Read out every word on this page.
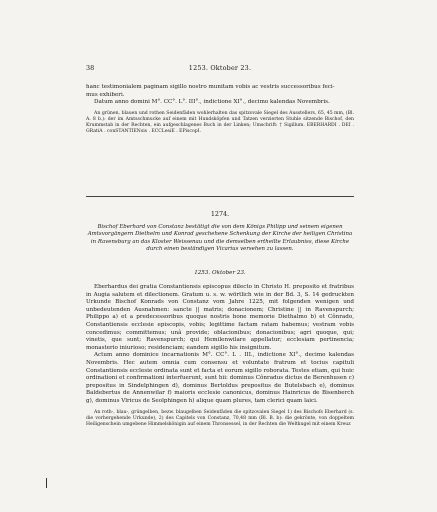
38	1253. Oktober 23.

hanc testimonialem paginam sigillo nostro munitam vobis ac vestris successoribus feci-

mus exhiberi.

Datum anno domini M°. CC°. L°. III°., indictione XI°., decimo kalendas Novembris.

An grünen, blauen und rothen Seidenfäden wohlerhalten das spitzovale Siegel des Ausstellers, 65, 45 mm, (Bl. A. 8 b.): der im Amtsschmucke auf einem mit Hundsköpfen und Tatzen verzierten Stuhle sitzende Bischof, den Krummstab in der Rechten, ein aufgeschlagenes Buch in der Linken; Umschrift: † Sigillum. EBERHARDI . DEI . GRatiA . conSTANTIENsis . ECCLesiE . EPiscopI.

1274.

Bischof Eberhard von Constanz bestätigt die von dem Königs Philipp und seinem eigenen Amtsvorgängern Diethelm und Konrad geschehene Schenkung der Kirche der heiligen Christina in Ravensburg an das Kloster Weissenau und die demselben ertheilte Erlaubniss, diese Kirche durch einen beständigen Vicarius versehen zu lassen.

1253. Oktober 23.

Eberhardus dei gratia Constantiensis episcopus dilecto in Christo H. preposito et fratribus in Augia salutem et dilectionem. Gratum u. s. w. wörtlich wie in der Bd. 3, S. 14 gedruckten Urkunde Bischof Konrads von Constanz vom Jahre 1225, mit folgenden wenigen und unbedeutenden Ausnahmen: sancte || matris; donacionem; Christine || in Ravenspurch; Philippo a) et a predecessoribus quoque nostris bone memorie Diethalmo b) et Cônrado, Constantiensis ecclesie episcopis, vobis; legittime factam ratam habemus; vestram vobis concedimus; committemus; unâ provide; oblacionibus; donacionibus; agri quoque, qui; vinetis, que sunt; Ravenspurch; qui Hemilenwilare appellatur; ecclesiam pertinencia; monasterio iniurioso; residenciam; eandem sigillo his insignitum.

Actum anno dominice incarnationis M°. CC°. L . III., indictione XI°., decimo kalendas Novembris. Hec autem omnia cum consensu et voluntate fratrum et tocius capituli Constantiensis ecclesie ordinata sunt et facta et eorum sigillo roborata. Testes etiam, qui huic ordinationi et confirmationi interfuerunt, sunt hii: dominus Cônradus dictus de Berenhusen c) prepositus in Sindelphingen d), dominus Bertoldus prepositus de Butelsbach e), dominus Baldebertus de Annenwilar f) maioris ecclesie canonicus, dominus Hainricus de Bisenberch g), dominus Vlricus de Seolphingen h) alique quam plures, tam clerici quam laici.

An roth-, blau-, grüngelben, bezw. blaugelben Seidenfäden die spitzovalen Siegel 1) des Bischofs Eberhard (s. die vorhergehende Urkunde), 2) des Capitels von Constanz, 70,48 mm (Bl. B. b): die gekrönte, von doppeltem Heiligenschein umgebene Himmelskönigin auf einem Thronsessel, in der Rechten die Weltkugel mit einem Kreuz
